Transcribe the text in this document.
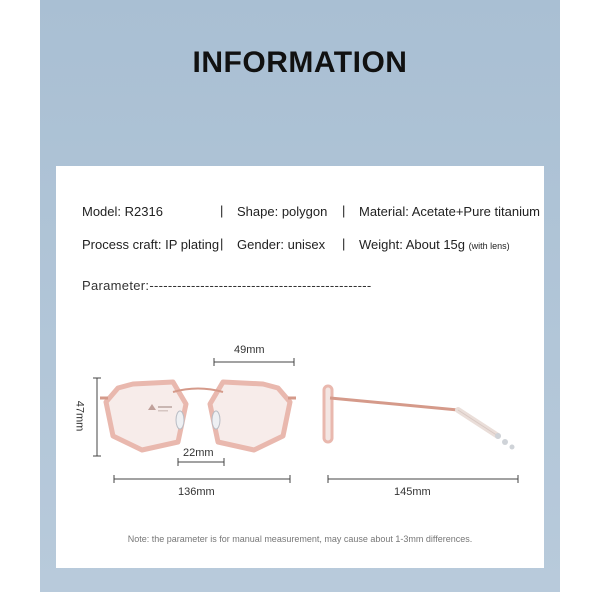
INFORMATION
Model: R2316	| Shape: polygon | Material: Acetate+Pure titanium
Process craft: IP plating | Gender: unisex | Weight: About 15g (with lens)
Parameter:------------------------------------------------
49mm
47mm
22mm
136mm	145mm
Note: the parameter is for manual measurement, may cause about 1-3mm differences.
